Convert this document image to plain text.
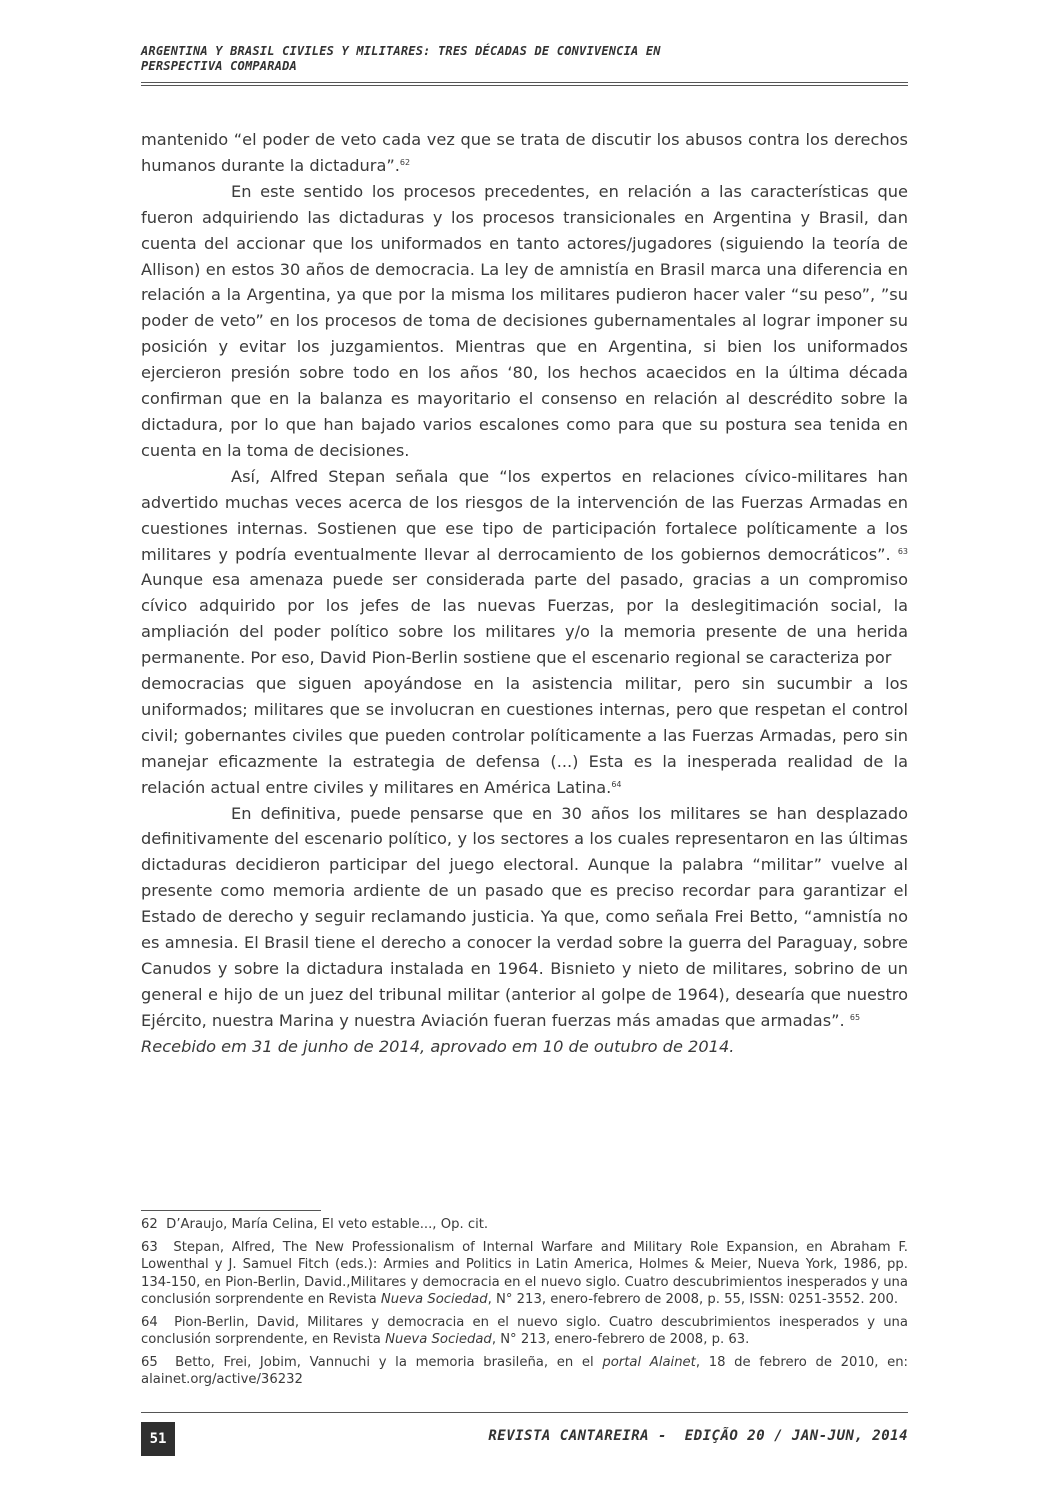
ARGENTINA Y BRASIL CIVILES Y MILITARES: TRES DÉCADAS DE CONVIVENCIA EN PERSPECTIVA COMPARADA

mantenido “el poder de veto cada vez que se trata de discutir los abusos contra los derechos humanos durante la dictadura”.$^{62}$

En este sentido los procesos precedentes, en relación a las características que fueron adquiriendo las dictaduras y los procesos transicionales en Argentina y Brasil, dan cuenta del accionar que los uniformados en tanto actores/jugadores (siguiendo la teoría de Allison) en estos 30 años de democracia. La ley de amnistía en Brasil marca una diferencia en relación a la Argentina, ya que por la misma los militares pudieron hacer valer “su peso”, ”su poder de veto” en los procesos de toma de decisiones gubernamentales al lograr imponer su posición y evitar los juzgamientos. Mientras que en Argentina, si bien los uniformados ejercieron presión sobre todo en los años ‘80, los hechos acaecidos en la última década confirman que en la balanza es mayoritario el consenso en relación al descrédito sobre la dictadura, por lo que han bajado varios escalones como para que su postura sea tenida en cuenta en la toma de decisiones.

Así, Alfred Stepan señala que “los expertos en relaciones cívico-militares han advertido muchas veces acerca de los riesgos de la intervención de las Fuerzas Armadas en cuestiones internas. Sostienen que ese tipo de participación fortalece políticamente a los militares y podría eventualmente llevar al derrocamiento de los gobiernos democráticos”. $^{63}$ Aunque esa amenaza puede ser considerada parte del pasado, gracias a un compromiso cívico adquirido por los jefes de las nuevas Fuerzas, por la deslegitimación social, la ampliación del poder político sobre los militares y/o la memoria presente de una herida permanente. Por eso, David Pion-Berlin sostiene que el escenario regional se caracteriza por

democracias que siguen apoyándose en la asistencia militar, pero sin sucumbir a los uniformados; militares que se involucran en cuestiones internas, pero que respetan el control civil; gobernantes civiles que pueden controlar políticamente a las Fuerzas Armadas, pero sin manejar eficazmente la estrategia de defensa (...) Esta es la inesperada realidad de la relación actual entre civiles y militares en América Latina.$^{64}$

En definitiva, puede pensarse que en 30 años los militares se han desplazado definitivamente del escenario político, y los sectores a los cuales representaron en las últimas dictaduras decidieron participar del juego electoral. Aunque la palabra “militar” vuelve al presente como memoria ardiente de un pasado que es preciso recordar para garantizar el Estado de derecho y seguir reclamando justicia. Ya que, como señala Frei Betto, “amnistía no es amnesia. El Brasil tiene el derecho a conocer la verdad sobre la guerra del Paraguay, sobre Canudos y sobre la dictadura instalada en 1964. Bisnieto y nieto de militares, sobrino de un general e hijo de un juez del tribunal militar (anterior al golpe de 1964), desearía que nuestro Ejército, nuestra Marina y nuestra Aviación fueran fuerzas más amadas que armadas”. $^{65}$

Recebido em 31 de junho de 2014, aprovado em 10 de outubro de 2014.

62 D’Araujo, María Celina, El veto estable..., Op. cit.

63 Stepan, Alfred, The New Professionalism of Internal Warfare and Military Role Expansion, en Abraham F. Lowenthal y J. Samuel Fitch (eds.): Armies and Politics in Latin America, Holmes & Meier, Nueva York, 1986, pp. 134-150, en Pion-Berlin, David.,Militares y democracia en el nuevo siglo. Cuatro descubrimientos inesperados y una conclusión sorprendente en Revista Nueva Sociedad, N° 213, enero-febrero de 2008, p. 55, ISSN: 0251-3552. 200.

64 Pion-Berlin, David, Militares y democracia en el nuevo siglo. Cuatro descubrimientos inesperados y una conclusión sorprendente, en Revista Nueva Sociedad, N° 213, enero-febrero de 2008, p. 63.

65 Betto, Frei, Jobim, Vannuchi y la memoria brasileña, en el portal Alainet, 18 de febrero de 2010, en: alainet.org/active/36232

51	REVISTA CANTAREIRA -  EDIÇÃO 20 / JAN-JUN, 2014
